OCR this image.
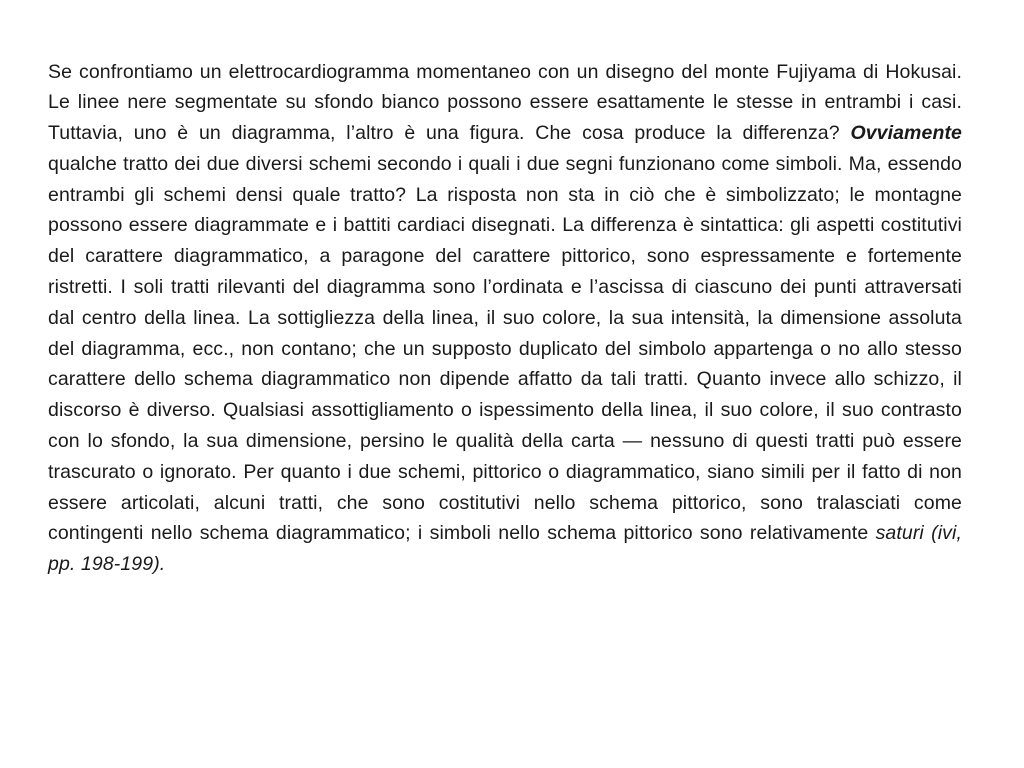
Se confrontiamo un elettrocardiogramma momentaneo con un disegno del monte Fujiyama di Hokusai. Le linee nere segmentate su sfondo bianco possono essere esattamente le stesse in entrambi i casi. Tuttavia, uno è un diagramma, l’altro è una figura. Che cosa produce la differenza? Ovviamente qualche tratto dei due diversi schemi secondo i quali i due segni funzionano come simboli. Ma, essendo entrambi gli schemi densi quale tratto? La risposta non sta in ciò che è simbolizzato; le montagne possono essere diagrammate e i battiti cardiaci disegnati. La differenza è sintattica: gli aspetti costitutivi del carattere diagrammatico, a paragone del carattere pittorico, sono espressamente e fortemente ristretti. I soli tratti rilevanti del diagramma sono l’ordinata e l’ascissa di ciascuno dei punti attraversati dal centro della linea. La sottigliezza della linea, il suo colore, la sua intensità, la dimensione assoluta del diagramma, ecc., non contano; che un supposto duplicato del simbolo appartenga o no allo stesso carattere dello schema diagrammatico non dipende affatto da tali tratti. Quanto invece allo schizzo, il discorso è diverso. Qualsiasi assottigliamento o ispessimento della linea, il suo colore, il suo contrasto con lo sfondo, la sua dimensione, persino le qualità della carta — nessuno di questi tratti può essere trascurato o ignorato. Per quanto i due schemi, pittorico o diagrammatico, siano simili per il fatto di non essere articolati, alcuni tratti, che sono costitutivi nello schema pittorico, sono tralasciati come contingenti nello schema diagrammatico; i simboli nello schema pittorico sono relativamente saturi (ivi, pp. 198-199).
